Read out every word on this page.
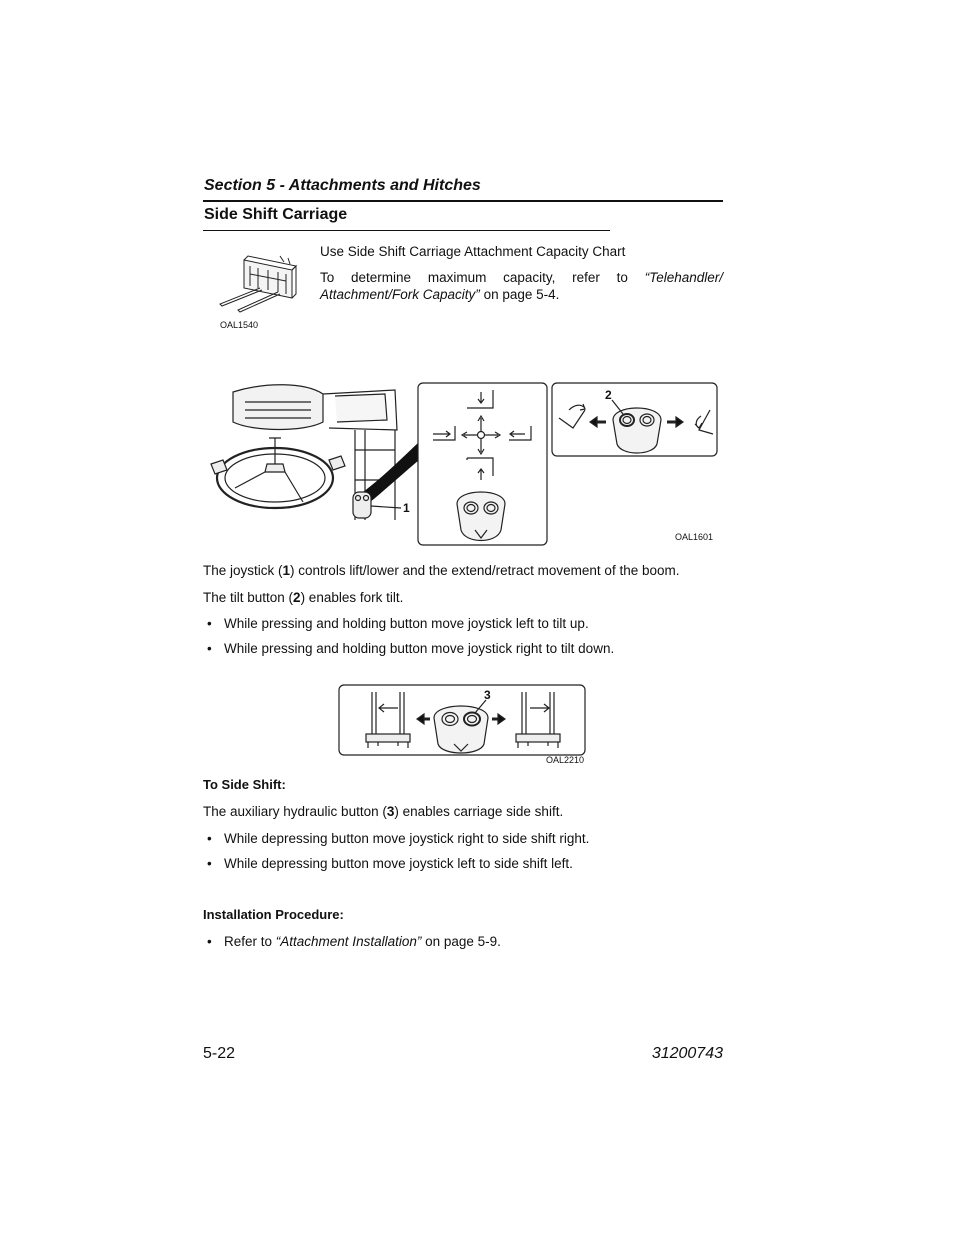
Section 5 - Attachments and Hitches
Side Shift Carriage
OAL1540
Use Side Shift Carriage Attachment Capacity Chart
To determine maximum capacity, refer to “Telehandler/
Attachment/Fork Capacity” on page 5-4.
1
2
OAL1601
The joystick (1) controls lift/lower and the extend/retract movement of the boom.
The tilt button (2) enables fork tilt.
• While pressing and holding button move joystick left to tilt up.
• While pressing and holding button move joystick right to tilt down.
3
OAL2210
To Side Shift:
The auxiliary hydraulic button (3) enables carriage side shift.
• While depressing button move joystick right to side shift right.
• While depressing button move joystick left to side shift left.
Installation Procedure:
• Refer to “Attachment Installation” on page 5-9.
5-22	31200743
